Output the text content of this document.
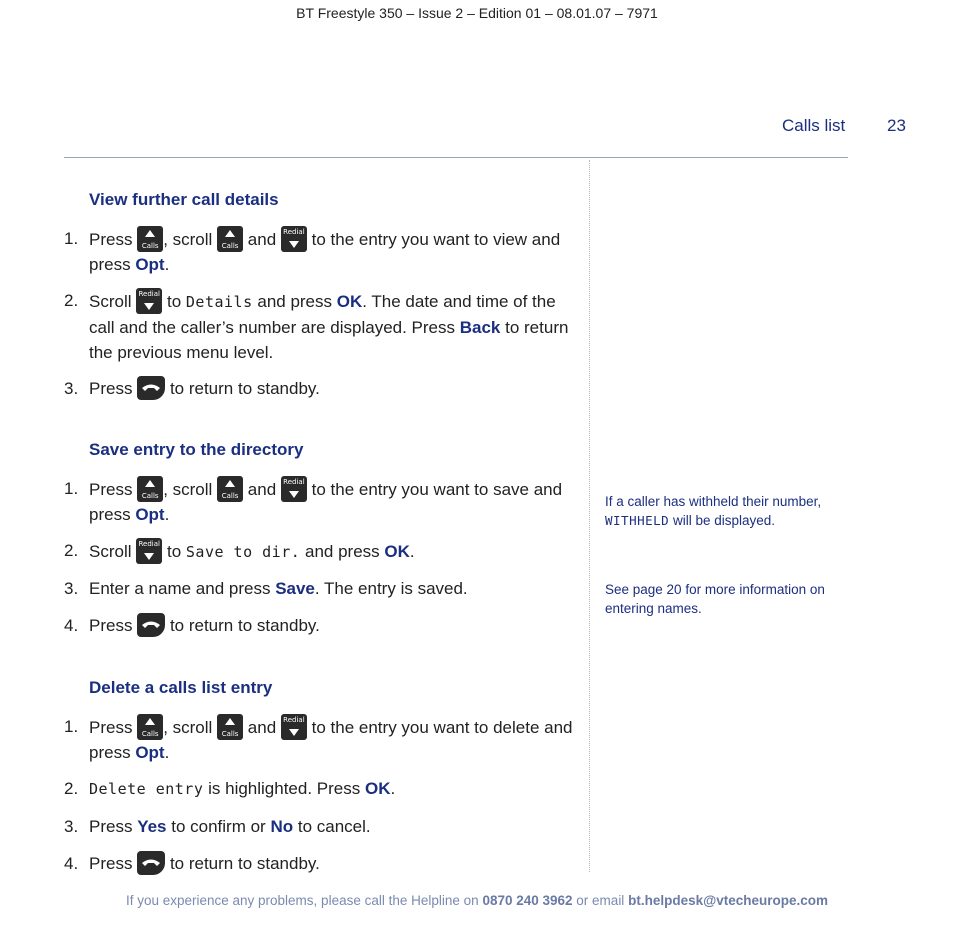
BT Freestyle 350 – Issue 2 – Edition 01 – 08.01.07 – 7971
Calls list 23
View further call details
1. Press	Calls , scroll	Calls and Redial to the entry you want to view and press Opt.
2. Scroll Redial to Details and press OK. The date and time of the call and the caller’s number are displayed. Press Back to return the previous menu level.
3. Press to return to standby.
Save entry to the directory
1. Press	Calls , scroll	Calls and Redial to the entry you want to save and press Opt.
2. Scroll Redial to Save to dir. and press OK.
3. Enter a name and press Save. The entry is saved.
4. Press to return to standby.
Delete a calls list entry
1. Press	Calls , scroll	Calls and Redial to the entry you want to delete and press Opt.
2. Delete entry is highlighted. Press OK.
3. Press Yes to confirm or No to cancel.
4. Press to return to standby.
If a caller has withheld their number, WITHHELD will be displayed.
See page 20 for more information on entering names.
If you experience any problems, please call the Helpline on 0870 240 3962 or email bt.helpdesk@vtecheurope.com
